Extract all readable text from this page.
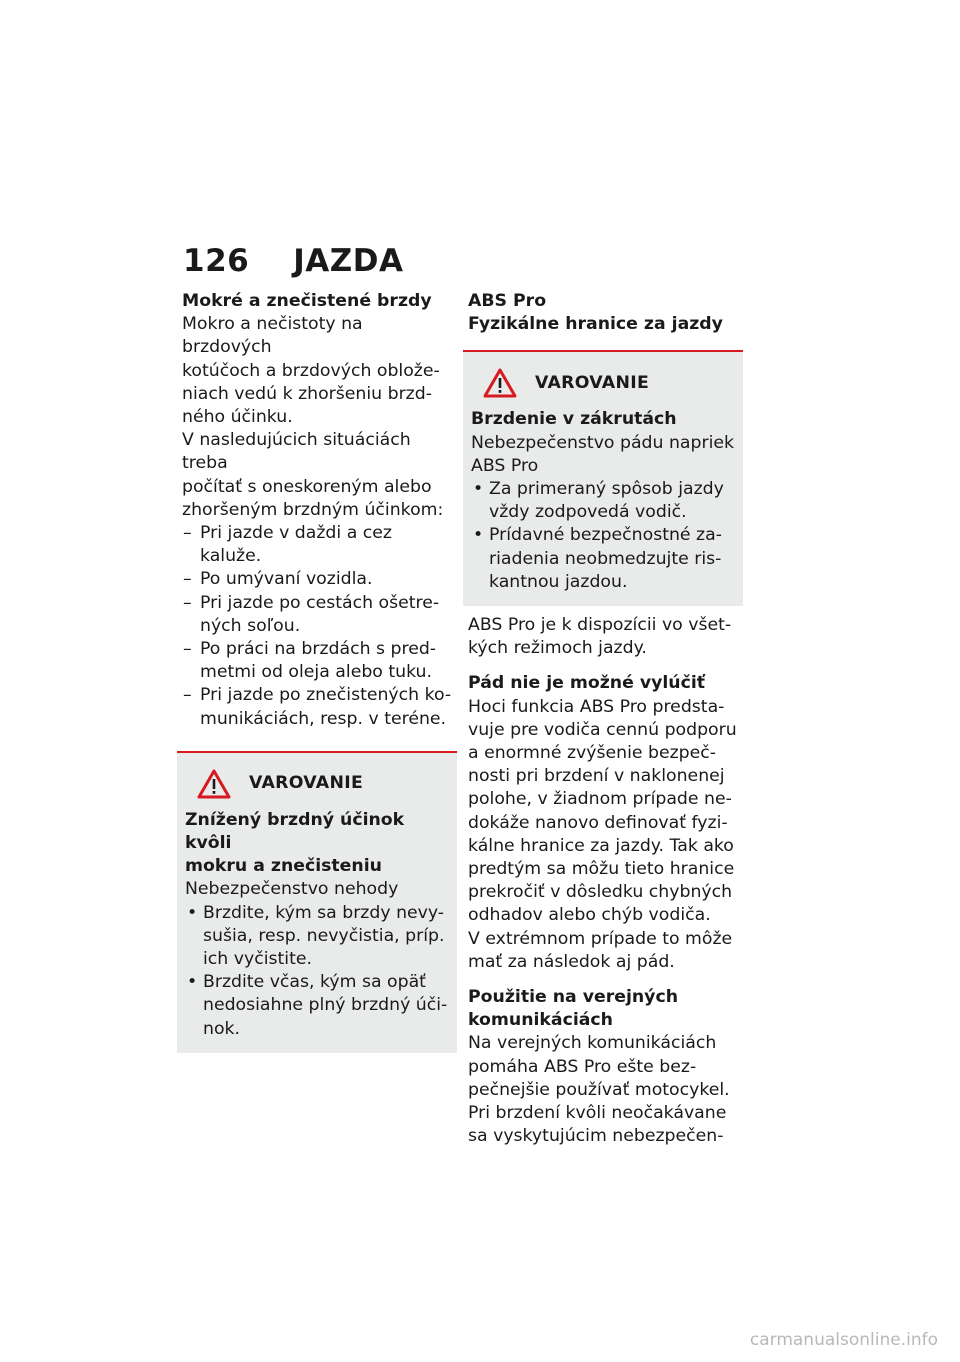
126 JAZDA

Mokré a znečistené brzdy

Mokro a nečistoty na brzdových
kotúčoch a brzdových obložе-
niach vedú k zhoršeniu brzd-
ného účinku.

V nasledujúcich situáciách treba
počítať s oneskoreným alebo
zhoršeným brzdným účinkom:

– Pri jazde v daždi a cez kaluže.
– Po umývaní vozidla.
– Pri jazde po cestách ošetre-
ných soľou.
– Po práci na brzdách s pred-
metmi od oleja alebo tuku.
– Pri jazde po znečistených ko-
munikáciách, resp. v teréne.
VAROVANIE

Znížený brzdný účinok kvôli
mokru a znečisteniu

Nebezpečenstvo nehody

• Brzdite, kým sa brzdy nevy-
sušia, resp. nevyčistia, príp.
ich vyčistite.
• Brzdite včas, kým sa opäť
nedosiahne plný brzdný úči-
nok.

ABS Pro

Fyzikálne hranice za jazdy

VAROVANIE

Brzdenie v zákrutách

Nebezpečenstvo pádu napriek
ABS Pro

• Za primeraný spôsob jazdy
vždy zodpovedá vodič.
• Prídavné bezpečnostné za-
riadenia neobmedzujte ris-
kantnou jazdou.

ABS Pro je k dispozícii vo všet-
kých režimoch jazdy.

Pád nie je možné vylúčiť

Hoci funkcia ABS Pro predsta-
vuje pre vodiča cennú podporu
a enormné zvýšenie bezpeč-
nosti pri brzdení v naklonenej
polohe, v žiadnom prípade ne-
dokáže nanovo definovať fyzi-
kálne hranice za jazdy. Tak ako
predtým sa môžu tieto hranice
prekročiť v dôsledku chybných
odhadov alebo chýb vodiča.

V extrémnom prípade to môže
mať za následok aj pád.

Použitie na verejných
komunikáciách

Na verejných komunikáciách
pomáha ABS Pro ešte bez-
pečnejšie používať motocykel.
Pri brzdení kvôli neočakávane
sa vyskytujúcim nebezpečen-

carmanualsonline.info
